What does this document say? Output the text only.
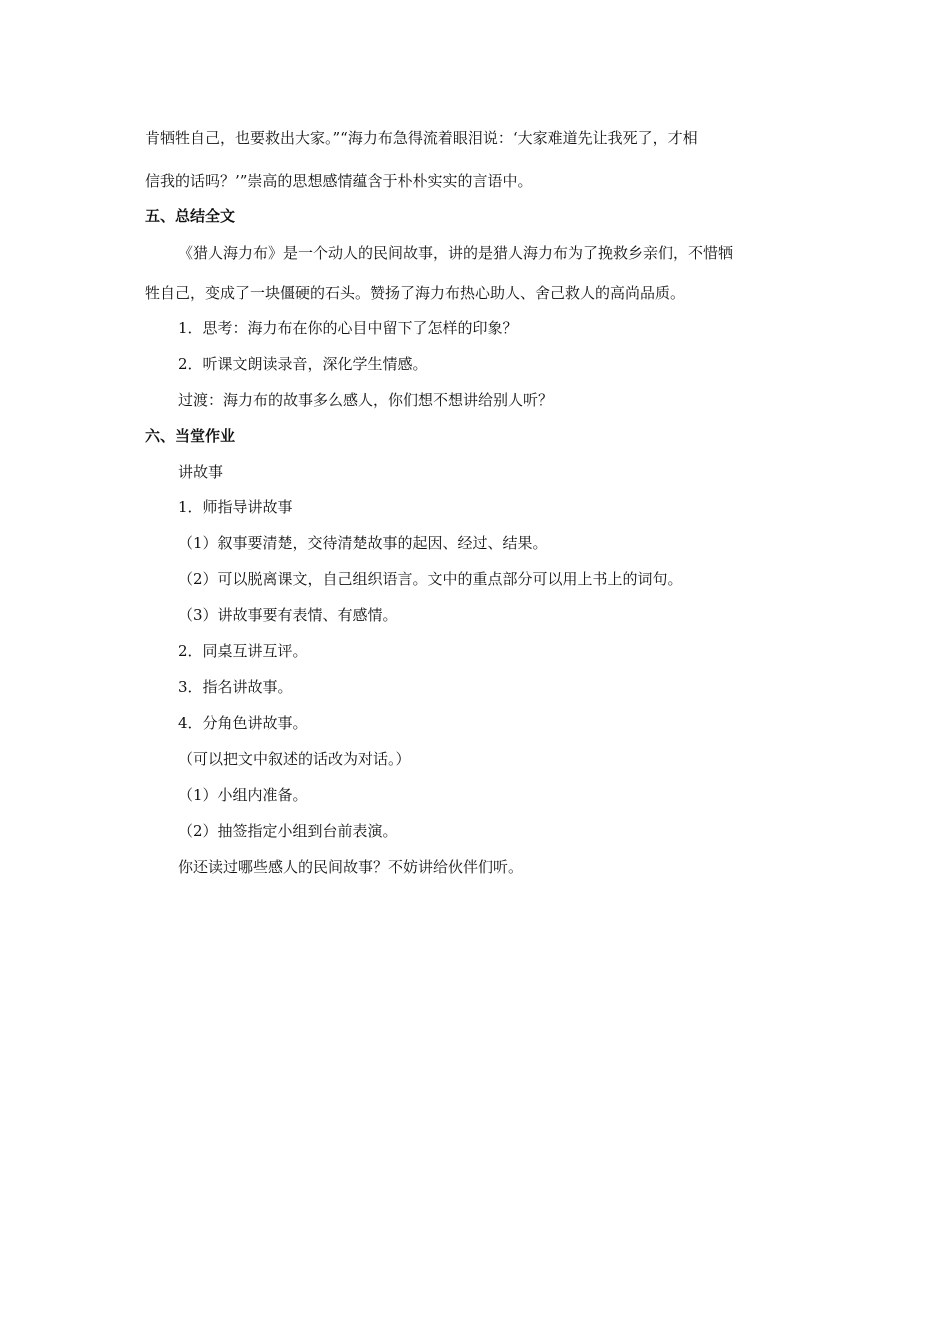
肯牺牲自己，也要救出大家。”“海力布急得流着眼泪说：‘大家难道先让我死了，才相
信我的话吗？’”崇高的思想感情蕴含于朴朴实实的言语中。
五、总结全文
《猎人海力布》是一个动人的民间故事，讲的是猎人海力布为了挽救乡亲们，不惜牺
牲自己，变成了一块僵硬的石头。赞扬了海力布热心助人、舍己救人的高尚品质。
1．思考：海力布在你的心目中留下了怎样的印象？
2．听课文朗读录音，深化学生情感。
过渡：海力布的故事多么感人，你们想不想讲给别人听？
六、当堂作业
讲故事
1．师指导讲故事
（1）叙事要清楚，交待清楚故事的起因、经过、结果。
（2）可以脱离课文，自己组织语言。文中的重点部分可以用上书上的词句。
（3）讲故事要有表情、有感情。
2．同桌互讲互评。
3．指名讲故事。
4．分角色讲故事。
（可以把文中叙述的话改为对话。）
（1）小组内准备。
（2）抽签指定小组到台前表演。
你还读过哪些感人的民间故事？不妨讲给伙伴们听。
